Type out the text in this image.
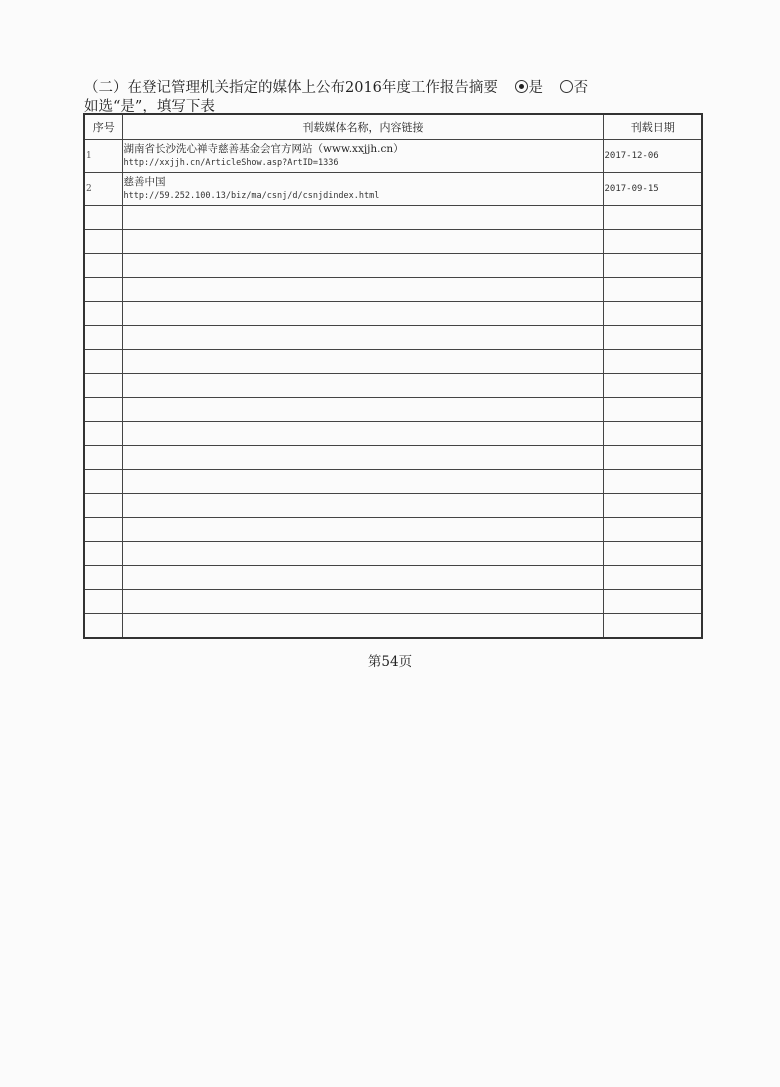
（二）在登记管理机关指定的媒体上公布2016年度工作报告摘要 是 否
如选“是”，填写下表
序号	刊载媒体名称，内容链接	刊载日期
1	湖南省长沙洗心禅寺慈善基金会官方网站（www.xxjjh.cn）
http://xxjjh.cn/ArticleShow.asp?ArtID=1336	2017-12-06
2	慈善中国
http://59.252.100.13/biz/ma/csnj/d/csnjdindex.html	2017-09-15

第54页
